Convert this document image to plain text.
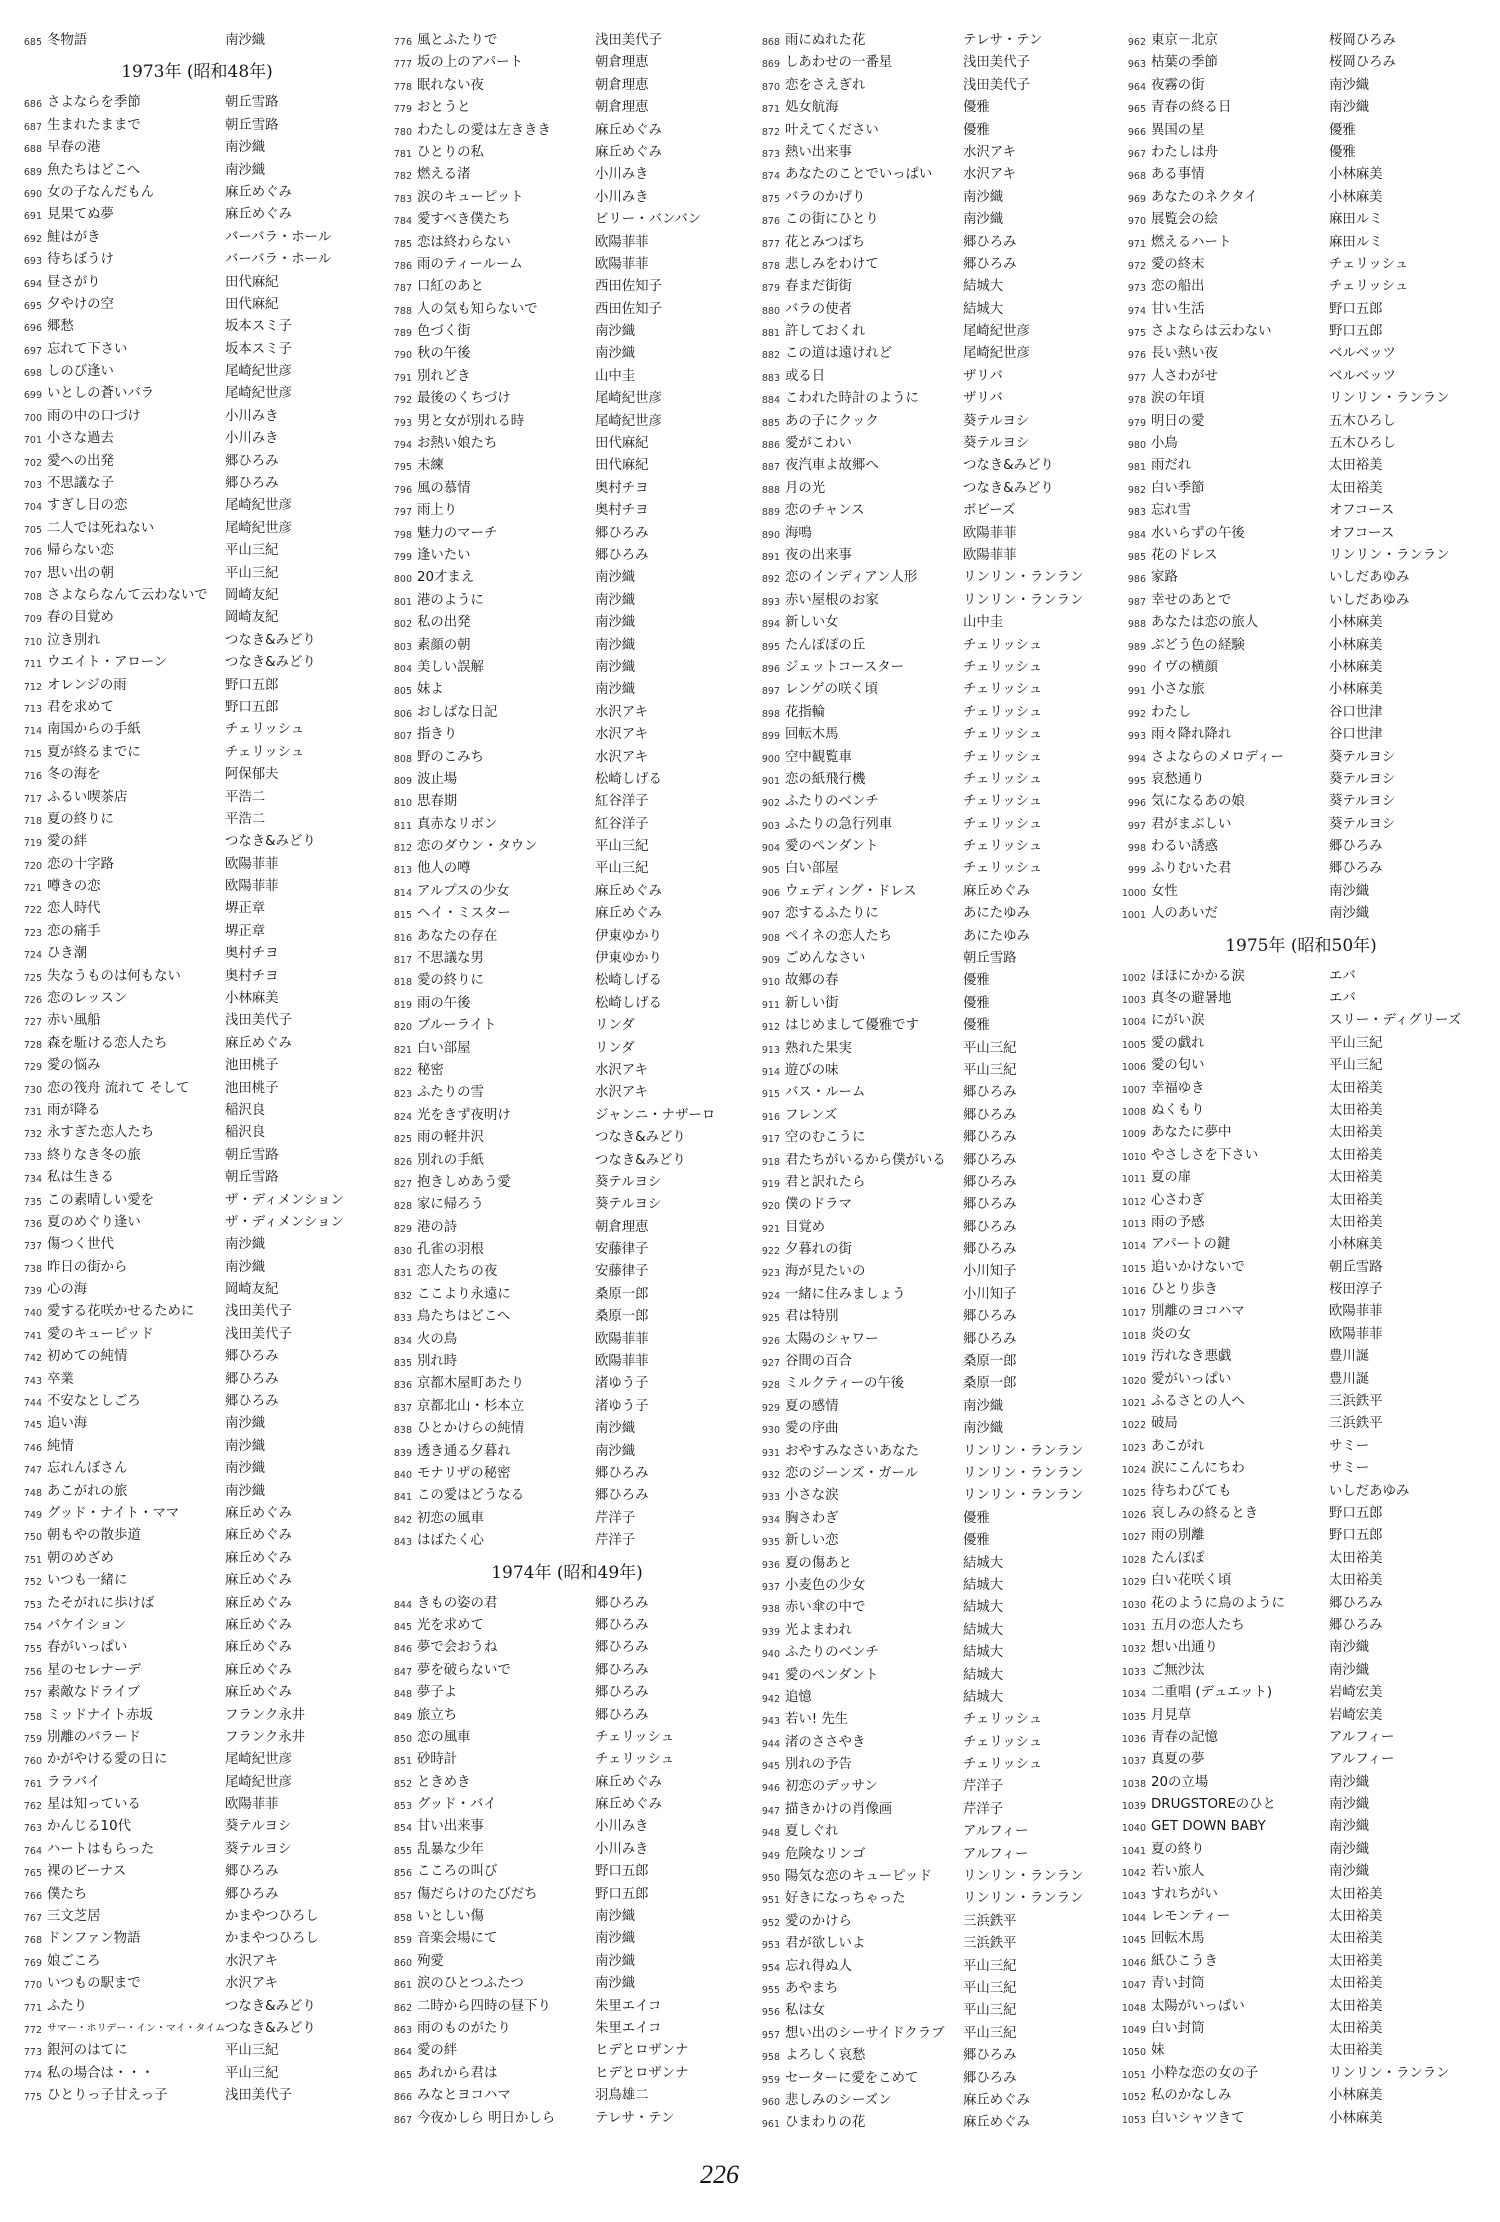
685 冬物語	南沙織
1973年 (昭和48年)
686 さよならを季節	朝丘雪路
687 生まれたままで	朝丘雪路
688 早春の港	南沙織
689 魚たちはどこへ	南沙織
690 女の子なんだもん	麻丘めぐみ
691 見果てぬ夢	麻丘めぐみ
692 鮭はがき	バーバラ・ホール
693 待ちぼうけ	バーバラ・ホール
694 昼さがり	田代麻紀
695 夕やけの空	田代麻紀
696 郷愁	坂本スミ子
697 忘れて下さい	坂本スミ子
698 しのび逢い	尾崎紀世彦
699 いとしの蒼いバラ	尾崎紀世彦
700 雨の中の口づけ	小川みき
701 小さな過去	小川みき
702 愛への出発	郷ひろみ
703 不思議な子	郷ひろみ
704 すぎし日の恋	尾崎紀世彦
705 二人では死ねない	尾崎紀世彦
706 帰らない恋	平山三紀
707 思い出の朝	平山三紀
708 さよならなんて云わないで	岡崎友紀
709 春の目覚め	岡崎友紀
710 泣き別れ	つなき&みどり
711 ウエイト・アローン	つなき&みどり
712 オレンジの雨	野口五郎
713 君を求めて	野口五郎
714 南国からの手紙	チェリッシュ
715 夏が終るまでに	チェリッシュ
716 冬の海を	阿保郁夫
717 ふるい喫茶店	平浩二
718 夏の終りに	平浩二
719 愛の絆	つなき&みどり
720 恋の十字路	欧陽菲菲
721 噂きの恋	欧陽菲菲
722 恋人時代	堺正章
723 恋の痛手	堺正章
724 ひき潮	奥村チヨ
725 失なうものは何もない	奥村チヨ
726 恋のレッスン	小林麻美
727 赤い風船	浅田美代子
728 森を駈ける恋人たち	麻丘めぐみ
729 愛の悩み	池田桃子
730 恋の筏舟 流れて そして	池田桃子
731 雨が降る	稲沢良
732 永すぎた恋人たち	稲沢良
733 終りなき冬の旅	朝丘雪路
734 私は生きる	朝丘雪路
735 この素晴しい愛を	ザ・ディメンション
736 夏のめぐり逢い	ザ・ディメンション
737 傷つく世代	南沙織
738 昨日の街から	南沙織
739 心の海	岡崎友紀
740 愛する花咲かせるために	浅田美代子
741 愛のキューピッド	浅田美代子
742 初めての純情	郷ひろみ
743 卒業	郷ひろみ
744 不安なとしごろ	郷ひろみ
745 追い海	南沙織
746 純情	南沙織
747 忘れんぼさん	南沙織
748 あこがれの旅	南沙織
749 グッド・ナイト・ママ	麻丘めぐみ
750 朝もやの散歩道	麻丘めぐみ
751 朝のめざめ	麻丘めぐみ
752 いつも一緒に	麻丘めぐみ
753 たそがれに歩けば	麻丘めぐみ
754 バケイション	麻丘めぐみ
755 春がいっぱい	麻丘めぐみ
756 星のセレナーデ	麻丘めぐみ
757 素敵なドライブ	麻丘めぐみ
758 ミッドナイト赤坂	フランク永井
759 別離のバラード	フランク永井
760 かがやける愛の日に	尾崎紀世彦
761 ララバイ	尾崎紀世彦
762 星は知っている	欧陽菲菲
763 かんじる10代	葵テルヨシ
764 ハートはもらった	葵テルヨシ
765 裸のビーナス	郷ひろみ
766 僕たち	郷ひろみ
767 三文芝居	かまやつひろし
768 ドンファン物語	かまやつひろし
769 娘ごころ	水沢アキ
770 いつもの駅まで	水沢アキ
771 ふたり	つなき&みどり
772 サマー・ホリデー・イン・マイ・タイム つなき&みどり
773 銀河のはてに	平山三紀
774 私の場合は・・・	平山三紀
775 ひとりっ子甘えっ子	浅田美代子
776 風とふたりで	浅田美代子
777 坂の上のアパート	朝倉理恵
778 眠れない夜	朝倉理恵
779 おとうと	朝倉理恵
780 わたしの愛は左ききき	麻丘めぐみ
781 ひとりの私	麻丘めぐみ
782 燃える渚	小川みき
783 涙のキューピット	小川みき
784 愛すべき僕たち	ビリー・バンバン
785 恋は終わらない	欧陽菲菲
786 雨のティールーム	欧陽菲菲
787 口紅のあと	西田佐知子
788 人の気も知らないで	西田佐知子
789 色づく街	南沙織
790 秋の午後	南沙織
791 別れどき	山中圭
792 最後のくちづけ	尾崎紀世彦
793 男と女が別れる時	尾崎紀世彦
794 お熱い娘たち	田代麻紀
795 未練	田代麻紀
796 風の慕情	奥村チヨ
797 雨上り	奥村チヨ
798 魅力のマーチ	郷ひろみ
799 逢いたい	郷ひろみ
800 20才まえ	南沙織
801 港のように	南沙織
802 私の出発	南沙織
803 素顔の朝	南沙織
804 美しい誤解	南沙織
805 妹よ	南沙織
806 おしばな日記	水沢アキ
807 指きり	水沢アキ
808 野のこみち	水沢アキ
809 波止場	松崎しげる
810 思春期	紅谷洋子
811 真赤なリボン	紅谷洋子
812 恋のダウン・タウン	平山三紀
813 他人の噂	平山三紀
814 アルプスの少女	麻丘めぐみ
815 ヘイ・ミスター	麻丘めぐみ
816 あなたの存在	伊東ゆかり
817 不思議な男	伊東ゆかり
818 愛の終りに	松崎しげる
819 雨の午後	松崎しげる
820 ブルーライト	リンダ
821 白い部屋	リンダ
822 秘密	水沢アキ
823 ふたりの雪	水沢アキ
824 光をきず夜明け	ジャンニ・ナザーロ
825 雨の軽井沢	つなき&みどり
826 別れの手紙	つなき&みどり
827 抱きしめあう愛	葵テルヨシ
828 家に帰ろう	葵テルヨシ
829 港の詩	朝倉理恵
830 孔雀の羽根	安藤律子
831 恋人たちの夜	安藤律子
832 ここより永遠に	桑原一郎
833 鳥たちはどこへ	桑原一郎
834 火の鳥	欧陽菲菲
835 別れ時	欧陽菲菲
836 京都木屋町あたり	渚ゆう子
837 京都北山・杉本立	渚ゆう子
838 ひとかけらの純情	南沙織
839 透き通る夕暮れ	南沙織
840 モナリザの秘密	郷ひろみ
841 この愛はどうなる	郷ひろみ
842 初恋の風車	芹洋子
843 はばたく心	芹洋子
1974年 (昭和49年)
844 きもの姿の君	郷ひろみ
845 光を求めて	郷ひろみ
846 夢で会おうね	郷ひろみ
847 夢を破らないで	郷ひろみ
848 夢子よ	郷ひろみ
849 旅立ち	郷ひろみ
850 恋の風車	チェリッシュ
851 砂時計	チェリッシュ
852 ときめき	麻丘めぐみ
853 グッド・バイ	麻丘めぐみ
854 甘い出来事	小川みき
855 乱暴な少年	小川みき
856 こころの叫び	野口五郎
857 傷だらけのたびだち	野口五郎
858 いとしい傷	南沙織
859 音楽会場にて	南沙織
860 殉愛	南沙織
861 涙のひとつふたつ	南沙織
862 二時から四時の昼下り	朱里エイコ
863 雨のものがたり	朱里エイコ
864 愛の絆	ヒデとロザンナ
865 あれから君は	ヒデとロザンナ
866 みなとヨコハマ	羽鳥雄二
867 今夜かしら 明日かしら	テレサ・テン
868 雨にぬれた花	テレサ・テン
869 しあわせの一番星	浅田美代子
870 恋をさえぎれ	浅田美代子
871 処女航海	優雅
872 叶えてください	優雅
873 熱い出来事	水沢アキ
874 あなたのことでいっぱい	水沢アキ
875 バラのかげり	南沙織
876 この街にひとり	南沙織
877 花とみつばち	郷ひろみ
878 悲しみをわけて	郷ひろみ
879 春まだ街街	結城大
880 バラの使者	結城大
881 許しておくれ	尾崎紀世彦
882 この道は遠けれど	尾崎紀世彦
883 或る日	ザリバ
884 こわれた時計のように	ザリバ
885 あの子にクック	葵テルヨシ
886 愛がこわい	葵テルヨシ
887 夜汽車よ故郷へ	つなき&みどり
888 月の光	つなき&みどり
889 恋のチャンス	ボビーズ
890 海鳴	欧陽菲菲
891 夜の出来事	欧陽菲菲
892 恋のインディアン人形	リンリン・ランラン
893 赤い屋根のお家	リンリン・ランラン
894 新しい女	山中圭
895 たんぽぽの丘	チェリッシュ
896 ジェットコースター	チェリッシュ
897 レンゲの咲く頃	チェリッシュ
898 花指輪	チェリッシュ
899 回転木馬	チェリッシュ
900 空中観覧車	チェリッシュ
901 恋の紙飛行機	チェリッシュ
902 ふたりのベンチ	チェリッシュ
903 ふたりの急行列車	チェリッシュ
904 愛のペンダント	チェリッシュ
905 白い部屋	チェリッシュ
906 ウェディング・ドレス	麻丘めぐみ
907 恋するふたりに	あにたゆみ
908 ペイネの恋人たち	あにたゆみ
909 ごめんなさい	朝丘雪路
910 故郷の春	優雅
911 新しい街	優雅
912 はじめまして優雅です	優雅
913 熟れた果実	平山三紀
914 遊びの味	平山三紀
915 バス・ルーム	郷ひろみ
916 フレンズ	郷ひろみ
917 空のむこうに	郷ひろみ
918 君たちがいるから僕がいる	郷ひろみ
919 君と訳れたら	郷ひろみ
920 僕のドラマ	郷ひろみ
921 目覚め	郷ひろみ
922 夕暮れの街	郷ひろみ
923 海が見たいの	小川知子
924 一緒に住みましょう	小川知子
925 君は特別	郷ひろみ
926 太陽のシャワー	郷ひろみ
927 谷間の百合	桑原一郎
928 ミルクティーの午後	桑原一郎
929 夏の感情	南沙織
930 愛の序曲	南沙織
931 おやすみなさいあなた	リンリン・ランラン
932 恋のジーンズ・ガール	リンリン・ランラン
933 小さな涙	リンリン・ランラン
934 胸さわぎ	優雅
935 新しい恋	優雅
936 夏の傷あと	結城大
937 小麦色の少女	結城大
938 赤い傘の中で	結城大
939 光よまわれ	結城大
940 ふたりのベンチ	結城大
941 愛のペンダント	結城大
942 追憶	結城大
943 若い! 先生	チェリッシュ
944 渚のささやき	チェリッシュ
945 別れの予告	チェリッシュ
946 初恋のデッサン	芹洋子
947 描きかけの肖像画	芹洋子
948 夏しぐれ	アルフィー
949 危険なリンゴ	アルフィー
950 陽気な恋のキューピッド	リンリン・ランラン
951 好きになっちゃった	リンリン・ランラン
952 愛のかけら	三浜鉄平
953 君が欲しいよ	三浜鉄平
954 忘れ得ぬ人	平山三紀
955 あやまち	平山三紀
956 私は女	平山三紀
957 想い出のシーサイドクラブ	平山三紀
958 よろしく哀愁	郷ひろみ
959 セーターに愛をこめて	郷ひろみ
960 悲しみのシーズン	麻丘めぐみ
961 ひまわりの花	麻丘めぐみ
962 東京－北京	桜岡ひろみ
963 枯葉の季節	桜岡ひろみ
964 夜霧の街	南沙織
965 青春の終る日	南沙織
966 異国の星	優雅
967 わたしは舟	優雅
968 ある事情	小林麻美
969 あなたのネクタイ	小林麻美
970 展覧会の絵	麻田ルミ
971 燃えるハート	麻田ルミ
972 愛の終末	チェリッシュ
973 恋の船出	チェリッシュ
974 甘い生活	野口五郎
975 さよならは云わない	野口五郎
976 長い熱い夜	ベルベッツ
977 人さわがせ	ベルベッツ
978 涙の年頃	リンリン・ランラン
979 明日の愛	五木ひろし
980 小鳥	五木ひろし
981 雨だれ	太田裕美
982 白い季節	太田裕美
983 忘れ雪	オフコース
984 水いらずの午後	オフコース
985 花のドレス	リンリン・ランラン
986 家路	いしだあゆみ
987 幸せのあとで	いしだあゆみ
988 あなたは恋の旅人	小林麻美
989 ぶどう色の経験	小林麻美
990 イヴの横顔	小林麻美
991 小さな旅	小林麻美
992 わたし	谷口世津
993 雨々降れ降れ	谷口世津
994 さよならのメロディー	葵テルヨシ
995 哀愁通り	葵テルヨシ
996 気になるあの娘	葵テルヨシ
997 君がまぶしい	葵テルヨシ
998 わるい誘惑	郷ひろみ
999 ふりむいた君	郷ひろみ
1000 女性	南沙織
1001 人のあいだ	南沙織
1975年 (昭和50年)
1002 ほほにかかる涙	エバ
1003 真冬の避暑地	エバ
1004 にがい涙	スリー・ディグリーズ
1005 愛の戯れ	平山三紀
1006 愛の匂い	平山三紀
1007 幸福ゆき	太田裕美
1008 ぬくもり	太田裕美
1009 あなたに夢中	太田裕美
1010 やさしさを下さい	太田裕美
1011 夏の扉	太田裕美
1012 心さわぎ	太田裕美
1013 雨の予感	太田裕美
1014 アパートの鍵	小林麻美
1015 追いかけないで	朝丘雪路
1016 ひとり歩き	桜田淳子
1017 別離のヨコハマ	欧陽菲菲
1018 炎の女	欧陽菲菲
1019 汚れなき悪戯	豊川誕
1020 愛がいっぱい	豊川誕
1021 ふるさとの人へ	三浜鉄平
1022 破局	三浜鉄平
1023 あこがれ	サミー
1024 涙にこんにちわ	サミー
1025 待ちわびても	いしだあゆみ
1026 哀しみの終るとき	野口五郎
1027 雨の別離	野口五郎
1028 たんぽぽ	太田裕美
1029 白い花咲く頃	太田裕美
1030 花のように鳥のように	郷ひろみ
1031 五月の恋人たち	郷ひろみ
1032 想い出通り	南沙織
1033 ご無沙汰	南沙織
1034 二重唱 (デュエット)	岩崎宏美
1035 月見草	岩崎宏美
1036 青春の記憶	アルフィー
1037 真夏の夢	アルフィー
1038 20の立場	南沙織
1039 DRUGSTOREのひと	南沙織
1040 GET DOWN BABY	南沙織
1041 夏の終り	南沙織
1042 若い旅人	南沙織
1043 すれちがい	太田裕美
1044 レモンティー	太田裕美
1045 回転木馬	太田裕美
1046 紙ひこうき	太田裕美
1047 青い封筒	太田裕美
1048 太陽がいっぱい	太田裕美
1049 白い封筒	太田裕美
1050 妹	太田裕美
1051 小粋な恋の女の子	リンリン・ランラン
1052 私のかなしみ	小林麻美
1053 白いシャツきて	小林麻美
226
